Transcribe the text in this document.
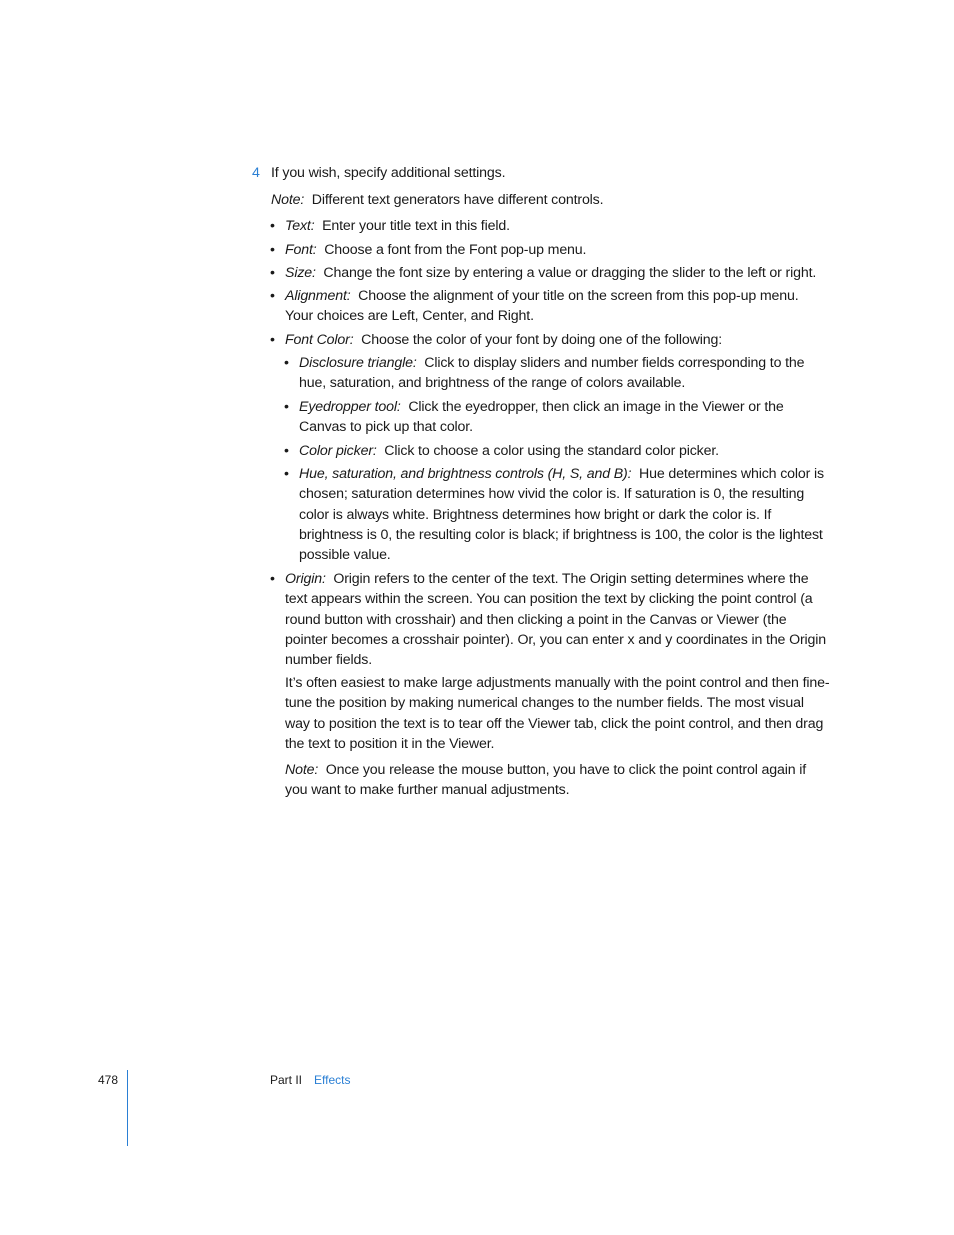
4 If you wish, specify additional settings.
Note: Different text generators have different controls.
• Text: Enter your title text in this field.
• Font: Choose a font from the Font pop-up menu.
• Size: Change the font size by entering a value or dragging the slider to the left or right.
• Alignment: Choose the alignment of your title on the screen from this pop-up menu. Your choices are Left, Center, and Right.
• Font Color: Choose the color of your font by doing one of the following:
• Disclosure triangle: Click to display sliders and number fields corresponding to the hue, saturation, and brightness of the range of colors available.
• Eyedropper tool: Click the eyedropper, then click an image in the Viewer or the Canvas to pick up that color.
• Color picker: Click to choose a color using the standard color picker.
• Hue, saturation, and brightness controls (H, S, and B): Hue determines which color is chosen; saturation determines how vivid the color is. If saturation is 0, the resulting color is always white. Brightness determines how bright or dark the color is. If brightness is 0, the resulting color is black; if brightness is 100, the color is the lightest possible value.
• Origin: Origin refers to the center of the text. The Origin setting determines where the text appears within the screen. You can position the text by clicking the point control (a round button with crosshair) and then clicking a point in the Canvas or Viewer (the pointer becomes a crosshair pointer). Or, you can enter x and y coordinates in the Origin number fields.
It’s often easiest to make large adjustments manually with the point control and then fine-tune the position by making numerical changes to the number fields. The most visual way to position the text is to tear off the Viewer tab, click the point control, and then drag the text to position it in the Viewer.
Note: Once you release the mouse button, you have to click the point control again if you want to make further manual adjustments.
478	Part II Effects
